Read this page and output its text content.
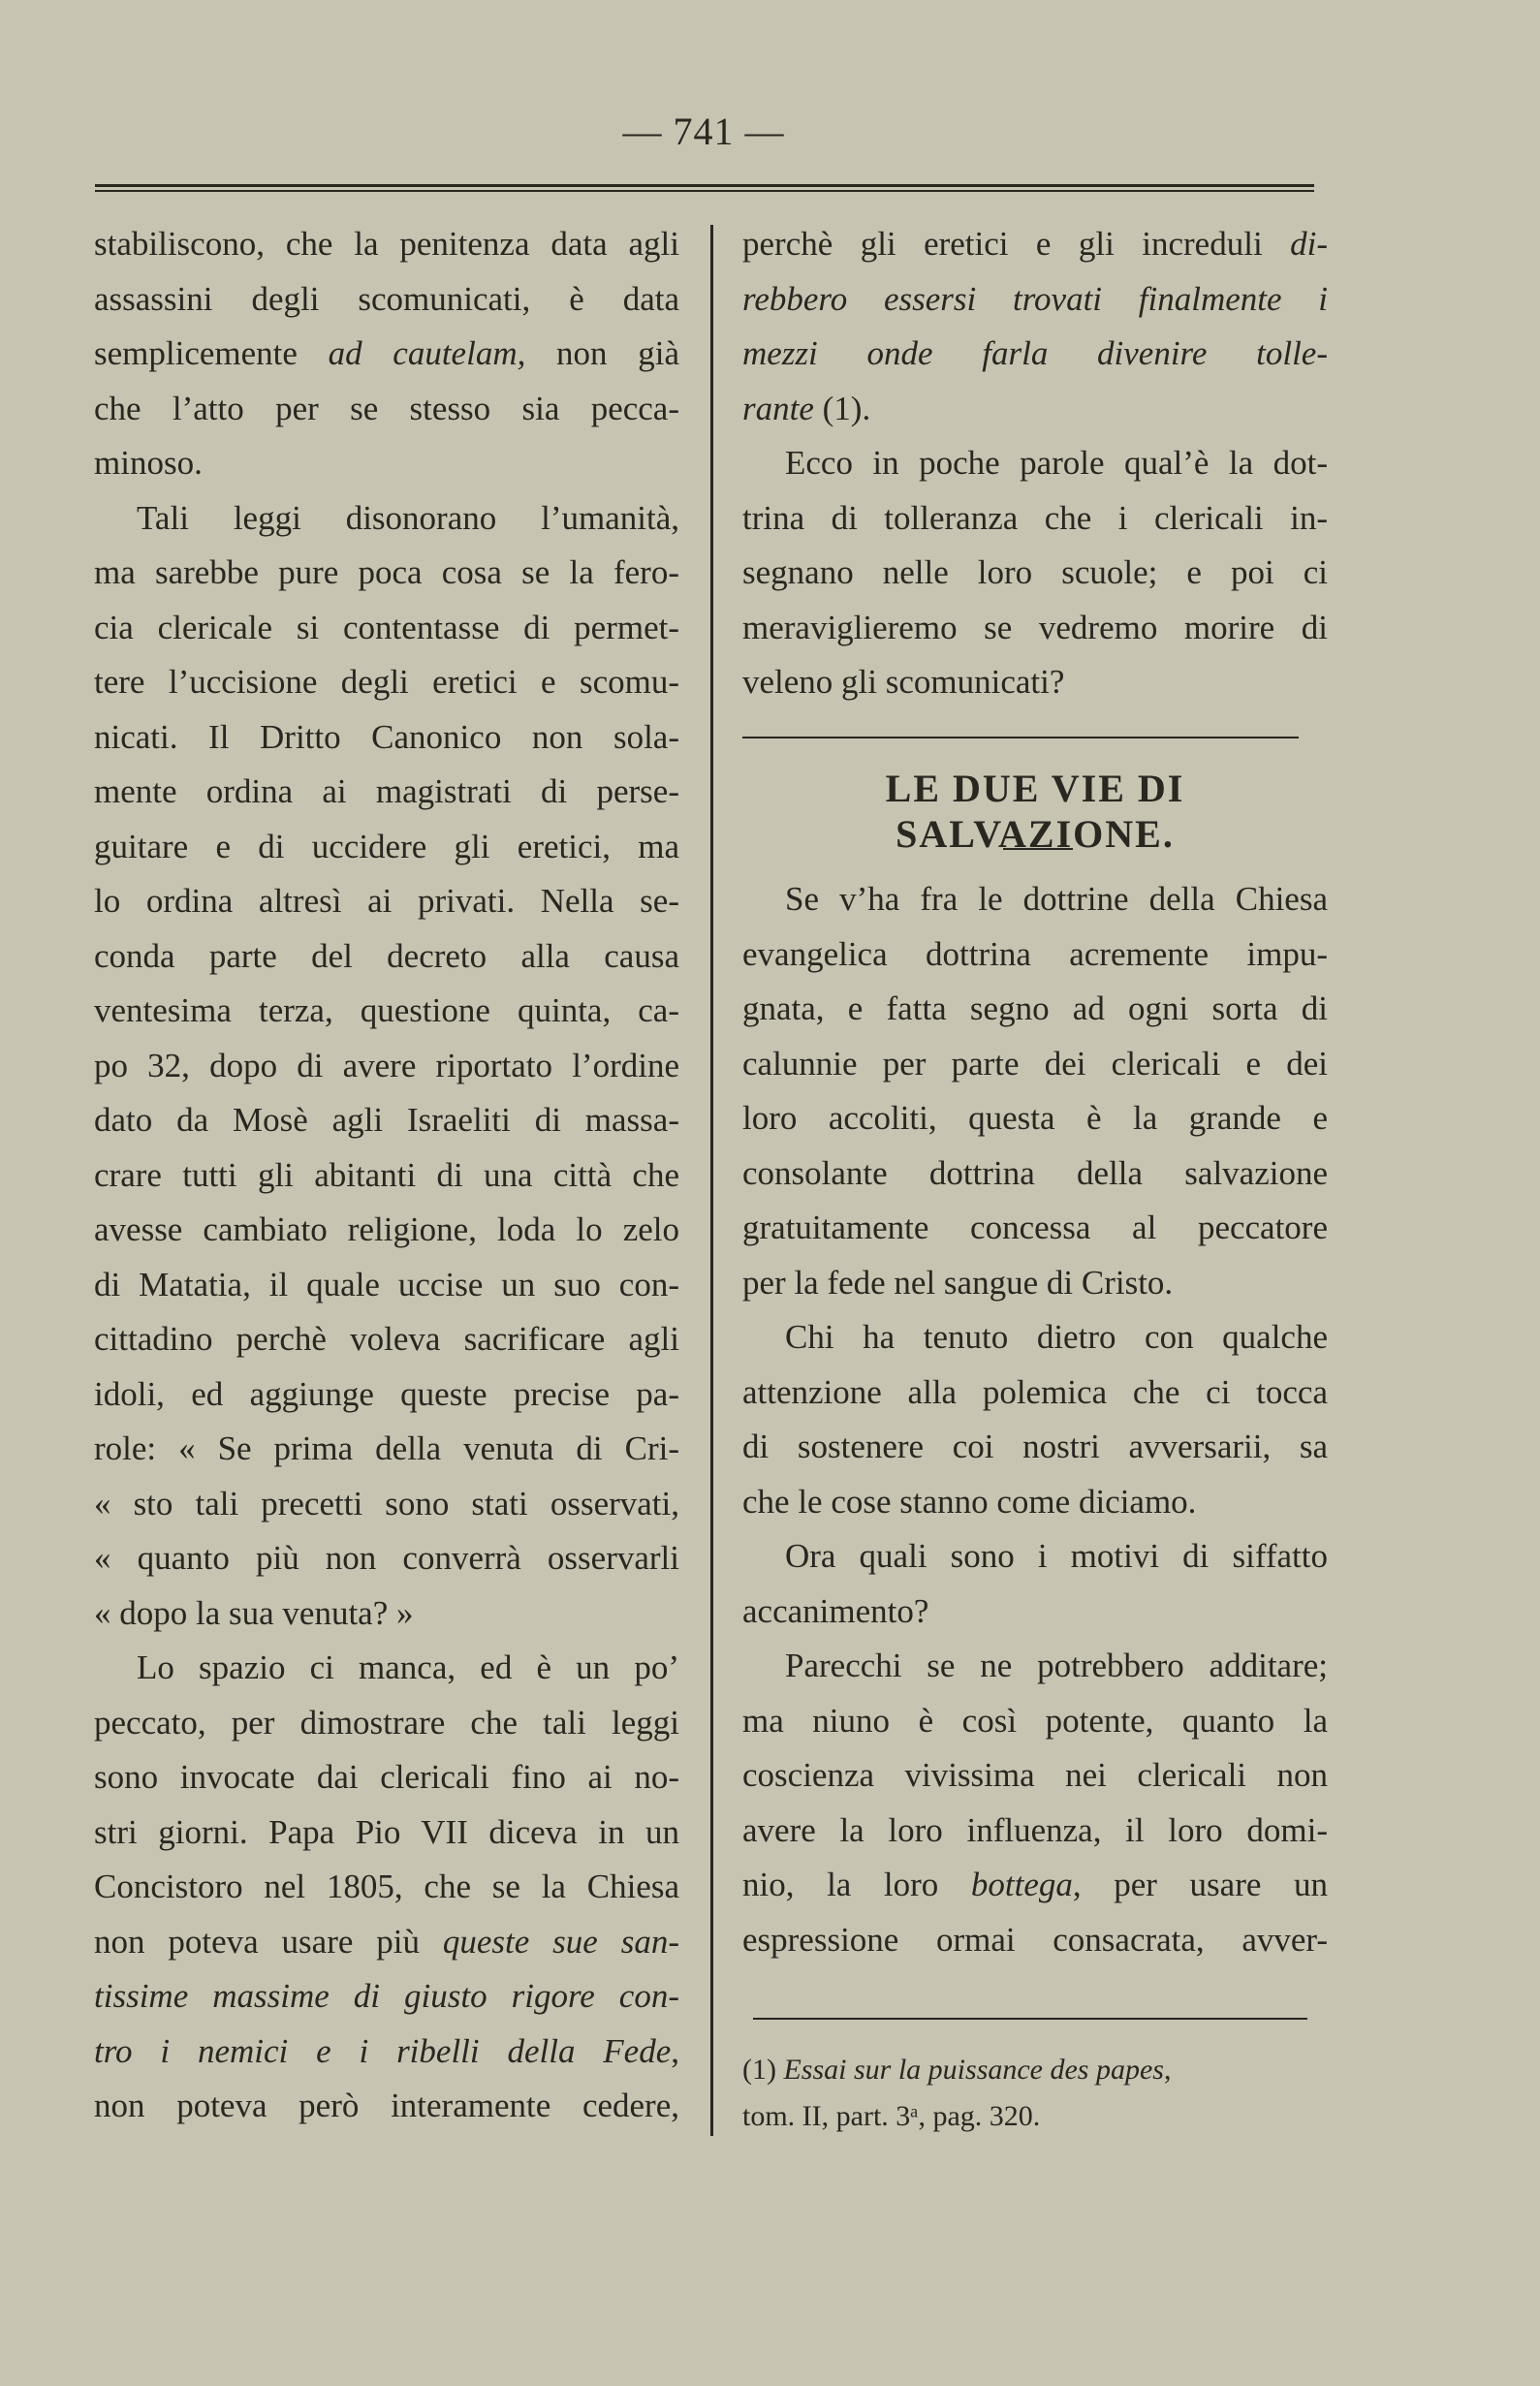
— 741 —
stabiliscono, che la penitenza data agli
assassini degli scomunicati, è data
semplicemente ad cautelam, non già
che l’atto per se stesso sia pecca-
minoso.
Tali leggi disonorano l’umanità,
ma sarebbe pure poca cosa se la fero-
cia clericale si contentasse di permet-
tere l’uccisione degli eretici e scomu-
nicati. Il Dritto Canonico non sola-
mente ordina ai magistrati di perse-
guitare e di uccidere gli eretici, ma
lo ordina altresì ai privati. Nella se-
conda parte del decreto alla causa
ventesima terza, questione quinta, ca-
po 32, dopo di avere riportato l’ordine
dato da Mosè agli Israeliti di massa-
crare tutti gli abitanti di una città che
avesse cambiato religione, loda lo zelo
di Matatia, il quale uccise un suo con-
cittadino perchè voleva sacrificare agli
idoli, ed aggiunge queste precise pa-
role: « Se prima della venuta di Cri-
« sto tali precetti sono stati osservati,
« quanto più non converrà osservarli
« dopo la sua venuta? »
Lo spazio ci manca, ed è un po’
peccato, per dimostrare che tali leggi
sono invocate dai clericali fino ai no-
stri giorni. Papa Pio VII diceva in un
Concistoro nel 1805, che se la Chiesa
non poteva usare più queste sue san-
tissime massime di giusto rigore con-
tro i nemici e i ribelli della Fede,
non poteva però interamente cedere,
perchè gli eretici e gli increduli di-
rebbero essersi trovati finalmente i
mezzi onde farla divenire tolle-
rante (1).
Ecco in poche parole qual’è la dot-
trina di tolleranza che i clericali in-
segnano nelle loro scuole; e poi ci
meraviglieremo se vedremo morire di
veleno gli scomunicati?
LE DUE VIE DI SALVAZIONE.
Se v’ha fra le dottrine della Chiesa
evangelica dottrina acremente impu-
gnata, e fatta segno ad ogni sorta di
calunnie per parte dei clericali e dei
loro accoliti, questa è la grande e
consolante dottrina della salvazione
gratuitamente concessa al peccatore
per la fede nel sangue di Cristo.
Chi ha tenuto dietro con qualche
attenzione alla polemica che ci tocca
di sostenere coi nostri avversarii, sa
che le cose stanno come diciamo.
Ora quali sono i motivi di siffatto
accanimento?
Parecchi se ne potrebbero additare;
ma niuno è così potente, quanto la
coscienza vivissima nei clericali non
avere la loro influenza, il loro domi-
nio, la loro bottega, per usare un
espressione ormai consacrata, avver-
(1) Essai sur la puissance des papes,
tom. II, part. 3ᵃ, pag. 320.
